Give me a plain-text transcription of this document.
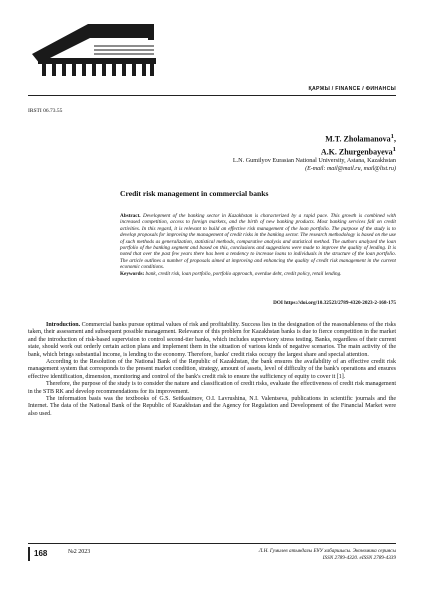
ҚАРЖЫ / FINANCE / ФИНАНСЫ
IRSTI 06.73.55
M.T. Zholamanova$^1$,
A.K. Zhurgenbayeva$^1$
L.N. Gumilyov Eurasian National University, Astana, Kazakhstan
(E-mail: mail@mail.ru, mail@list.ru)
Credit risk management in commercial banks
Abstract. Development of the banking sector in Kazakhstan is characterized by a rapid pace. This growth is combined with increased competition, access to foreign markets, and the birth of new banking products. Most banking services fall on credit activities. In this regard, it is relevant to build an effective risk management of the loan portfolio. The purpose of the study is to develop proposals for improving the management of credit risks in the banking sector. The research methodology is based on the use of such methods as generalization, statistical methods, comparative analysis and statistical method. The authors analyzed the loan portfolio of the banking segment and based on this, conclusions and suggestions were made to improve the quality of lending. It is noted that over the past few years there has been a tendency to increase loans to individuals in the structure of the loan portfolio. The article outlines a number of proposals aimed at improving and enhancing the quality of credit risk management in the current economic conditions.
Keywords: bank, credit risk, loan portfolio, portfolio approach, overdue debt, credit policy, retail lending.
DOI https://doi.org/10.32523/2789-4320-2023-2-168-175

Introduction. Commercial banks pursue optimal values of risk and profitability. Success lies in the designation of the reasonableness of the risks taken, their assessment and subsequent possible management. Relevance of this problem for Kazakhstan banks is due to fierce competition in the market and the introduction of risk-based supervision to control second-tier banks, which includes supervisory stress testing. Banks, regardless of their current state, should work out orderly certain action plans and implement them in the situation of various kinds of negative scenarios. The main activity of the bank, which brings substantial income, is lending to the economy. Therefore, banks' credit risks occupy the largest share and special attention.

According to the Resolution of the National Bank of the Republic of Kazakhstan, the bank ensures the availability of an effective credit risk management system that corresponds to the present market condition, strategy, amount of assets, level of difficulty of the bank's operations and ensures effective identification, dimension, monitoring and control of the bank's credit risk to ensure the sufficiency of equity to cover it [1].

Therefore, the purpose of the study is to consider the nature and classification of credit risks, evaluate the effectiveness of credit risk management in the STB RK and develop recommendations for its improvement.

The information basis was the textbooks of G.S. Seitkasimov, O.I. Lavrushina, N.I. Valentseva, publications in scientific journals and the Internet. The data of the National Bank of the Republic of Kazakhstan and the Agency for Regulation and Development of the Financial Market were also used.

168	№2 2023	Л.Н. Гумилев атындағы ЕҰУ хабаршысы. Экономика сериясы
ISSN 2789-4320. eISSN 2789-4339
